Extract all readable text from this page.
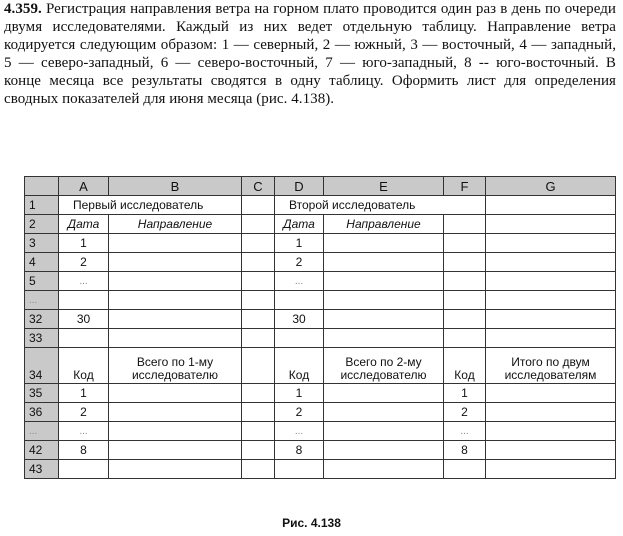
4.359. Регистрация направления ветра на горном плато проводится один раз в день по очереди двумя исследователями. Каждый из них ведет отдельную таблицу. Направление ветра кодируется следующим образом: 1 — северный, 2 — южный, 3 — восточный, 4 — западный, 5 — северо-западный, 6 — северо-восточный, 7 — юго-западный, 8 -- юго-восточный. В конце месяца все результаты сводятся в одну таблицу. Оформить лист для определения сводных показателей для июня месяца (рис. 4.138).
	A	B	C	D	E	F	G
1	Первый исследователь			Второй исследователь			
2	Дата	Направление		Дата	Направление		
3	1			1			
4	2			2			
5	...			...			
...							
32	30			30			
33							
34	Код	Всего по 1-му исследователю		Код	Всего по 2-му исследователю	Код	Итого по двум исследователям
35	1			1		1	
36	2			2		2	
...	...			...		...	
42	8			8		8	
43							
Рис. 4.138
